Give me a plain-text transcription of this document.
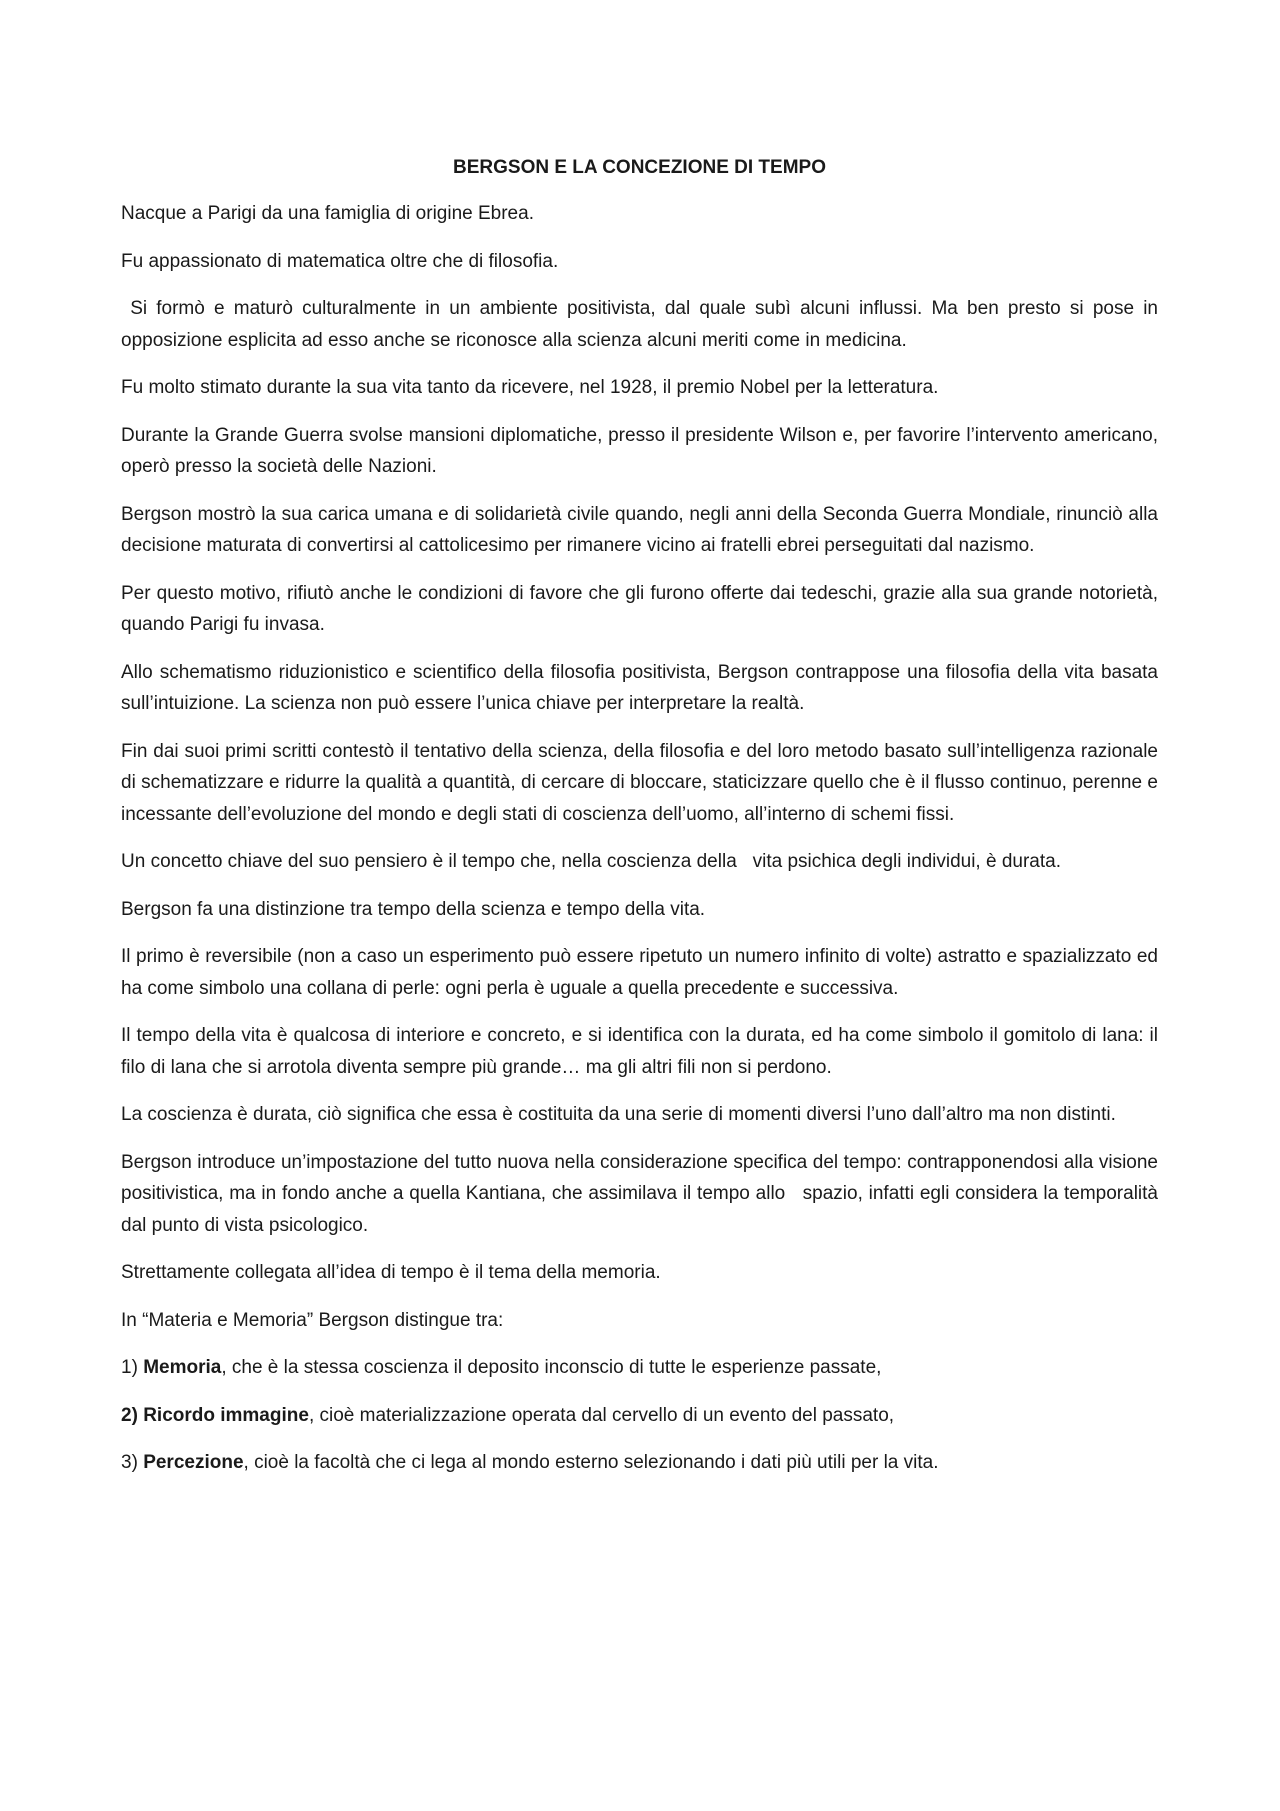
BERGSON E LA CONCEZIONE DI TEMPO

Nacque a Parigi da una famiglia di origine Ebrea.

Fu appassionato di matematica oltre che di filosofia.

Si formò e maturò culturalmente in un ambiente positivista, dal quale subì alcuni influssi. Ma ben presto si pose in opposizione esplicita ad esso anche se riconosce alla scienza alcuni meriti come in medicina.

Fu molto stimato durante la sua vita tanto da ricevere, nel 1928, il premio Nobel per la letteratura.

Durante la Grande Guerra svolse mansioni diplomatiche, presso il presidente Wilson e, per favorire l’intervento americano, operò presso la società delle Nazioni.

Bergson mostrò la sua carica umana e di solidarietà civile quando, negli anni della Seconda Guerra Mondiale, rinunciò alla decisione maturata di convertirsi al cattolicesimo per rimanere vicino ai fratelli ebrei perseguitati dal nazismo.

Per questo motivo, rifiutò anche le condizioni di favore che gli furono offerte dai tedeschi, grazie alla sua grande notorietà, quando Parigi fu invasa.

Allo schematismo riduzionistico e scientifico della filosofia positivista, Bergson contrappose una filosofia della vita basata sull’intuizione. La scienza non può essere l’unica chiave per interpretare la realtà.

Fin dai suoi primi scritti contestò il tentativo della scienza, della filosofia e del loro metodo basato sull’intelligenza razionale di schematizzare e ridurre la qualità a quantità, di cercare di bloccare, staticizzare quello che è il flusso continuo, perenne e incessante dell’evoluzione del mondo e degli stati di coscienza dell’uomo, all’interno di schemi fissi.

Un concetto chiave del suo pensiero è il tempo che, nella coscienza della   vita psichica degli individui, è durata.

Bergson fa una distinzione tra tempo della scienza e tempo della vita.

Il primo è reversibile (non a caso un esperimento può essere ripetuto un numero infinito di volte) astratto e spazializzato ed ha come simbolo una collana di perle: ogni perla è uguale a quella precedente e successiva.

Il tempo della vita è qualcosa di interiore e concreto, e si identifica con la durata, ed ha come simbolo il gomitolo di lana: il filo di lana che si arrotola diventa sempre più grande… ma gli altri fili non si perdono.

La coscienza è durata, ciò significa che essa è costituita da una serie di momenti diversi l’uno dall’altro ma non distinti.

Bergson introduce un’impostazione del tutto nuova nella considerazione specifica del tempo: contrapponendosi alla visione positivistica, ma in fondo anche a quella Kantiana, che assimilava il tempo allo   spazio, infatti egli considera la temporalità dal punto di vista psicologico.

Strettamente collegata all’idea di tempo è il tema della memoria.

In “Materia e Memoria” Bergson distingue tra:

1) Memoria, che è la stessa coscienza il deposito inconscio di tutte le esperienze passate,

2) Ricordo immagine, cioè materializzazione operata dal cervello di un evento del passato,

3) Percezione, cioè la facoltà che ci lega al mondo esterno selezionando i dati più utili per la vita.
